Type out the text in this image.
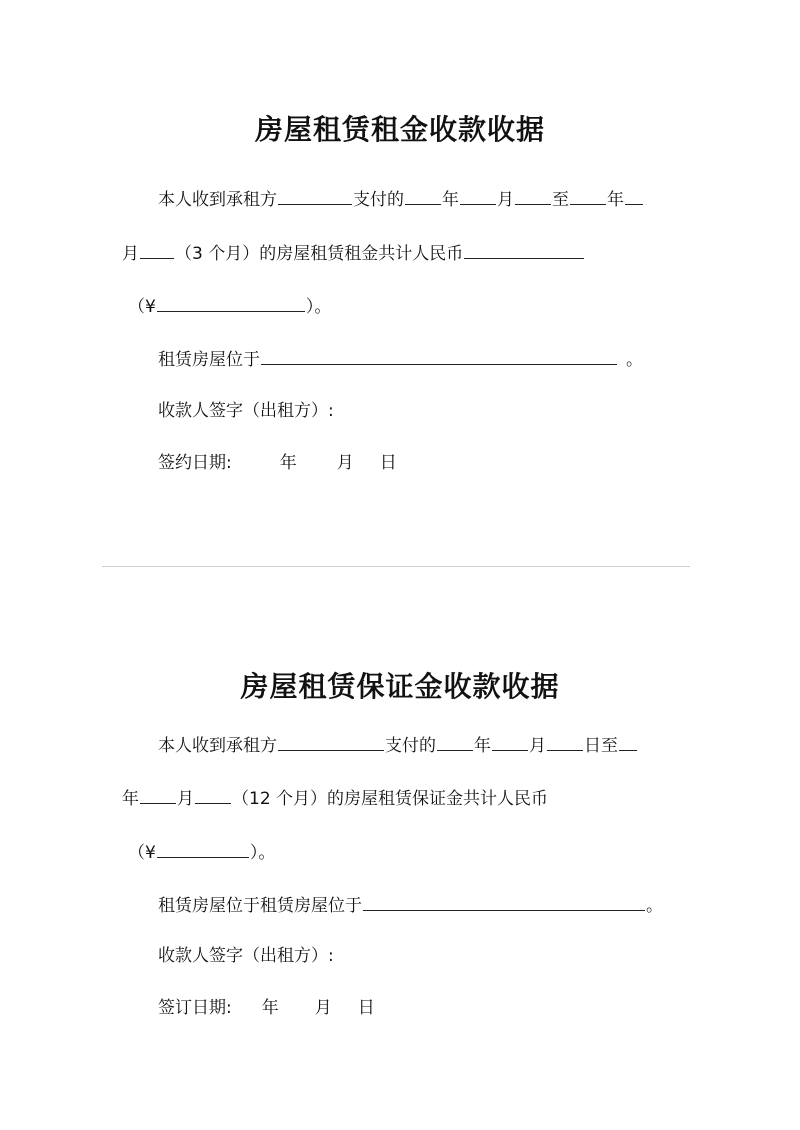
房屋租赁租金收款收据
本人收到承租方	支付的 年 月 至 年
月 （3 个月）的房屋租赁租金共计人民币
（¥	）。
租赁房屋位于	。
收款人签字（出租方）:
签约日期:	年 月 日
房屋租赁保证金收款收据
本人收到承租方	支付的 年 月 日至
年 月 （12 个月）的房屋租赁保证金共计人民币
（¥	）。
租赁房屋位于租赁房屋位于	。
收款人签字（出租方）:
签订日期: 年 月 日
